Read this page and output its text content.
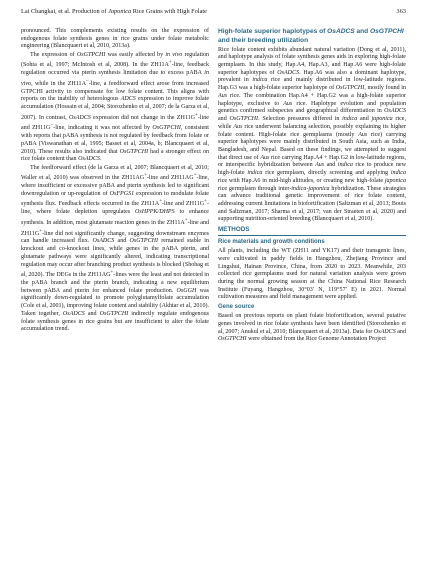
Lai Changkai, et al. Production of Japonica Rice Grains with High Folate	363

pronounced. This complements existing results on the expression of endogenous folate synthesis genes in rice grains under folate metabolic engineering (Blancquaert et al, 2010, 2013a).

The expression of OsGTPCHI was easily affected by in vivo regulation (Sohta et al, 1997; McIntosh et al, 2008). In the ZH11A+-line, feedback regulation occurred via pterin synthesis limitation due to excess pABA in vivo, while in the ZH11A−-line, a feedforward effect arose from increased GTPCHI activity to compensate for low folate content. This aligns with reports on the inability of heterologous ADCS expression to improve folate accumulation (Hossain et al, 2004; Storozhenko et al, 2007; de la Garza et al, 2007). In contrast, OsADCS expression did not change in the ZH11G+-line and ZH11G−-line, indicating it was not affected by OsGTPCHI, consistent with reports that pABA synthesis is not regulated by feedback from folate or pABA (Viswanathan et al, 1995; Basset et al, 2004a, b; Blancquaert et al, 2010). These results also indicated that OsGTPCHI had a stronger effect on rice folate content than OsADCS.

The feedforward effect (de la Garza et al, 2007; Blancquaert et al, 2010; Waller et al, 2010) was observed in the ZH11AG+-line and ZH11AG+-line, where insufficient or excessive pABA and pterin synthesis led to significant downregulation or up-regulation of OsFPGS1 expression to modulate folate synthesis flux. Feedback effects occurred in the ZH11A+-line and ZH11G+-line, where folate depletion upregulates OsHPPK/DHPS to enhance synthesis. In addition, most glutamate reaction genes in the ZH11A+-line and ZH11G+-line did not significantly change, suggesting downstream enzymes can handle increased flux. OsADCS and OsGTPCHI remained stable in knockout and co-knockout lines, while genes in the pABA pterin, and glutamate pathways were significantly altered, indicating transcriptional regulation may occur after branching product synthesis is blocked (Shohag et al, 2020). The DEGs in the ZH11AG+-lines were the least and not detected in the pABA branch and the pterin branch, indicating a new equilibrium between pABA and pterin for enhanced folate production. OsGGH was significantly down-regulated to promote polyglutamylfolate accumulation (Cole et al, 2001), improving folate content and stability (Akhtar et al, 2010). Taken together, OsADCS and OsGTPCHI indirectly regulate endogenous folate synthesis genes in rice grains but are insufficient to alter the folate accumulation trend.

High-folate superior haplotypes of OsADCS and OsGTPCHI and their breeding utilization

Rice folate content exhibits abundant natural variation (Dong et al, 2011), and haplotype analysis of folate synthesis genes aids in exploring high-folate germplasm. In this study, Hap.A4, Hap.A3, and Hap.A6 were high-folate superior haplotypes of OsADCS. Hap.A6 was also a dominant haplotype, prevalent in indica rice and mainly distributed in low-latitude regions. Hap.G3 was a high-folate superior haplotype of OsGTPCHI, mostly found in Aus rice. The combination Hap.A4 + Hap.G2 was a high-folate superior haplotype, exclusive to Aus rice. Haplotype evolution and population genetics confirmed subspecies and geographical differentiation in OsADCS and OsGTPCHI. Selection pressures differed in indica and japonica rice, while Aus rice underwent balancing selection, possibly explaining its higher folate content. High-folate rice germplasms (mostly Aus rice) carrying superior haplotypes were mainly distributed in South Asia, such as India, Bangladesh, and Nepal. Based on these findings, we attempted to suggest that direct use of Aus rice carrying Hap.A4 + Hap.G2 in low-latitude regions, or interspecific hybridization between Aus and indica rice to produce new high-folate indica rice germplasm, directly screening and applying indica rice with Hap.A6 in mid-high altitudes, or creating new high-folate japonica rice germplasm through inter-indica-japonica hybridization. These strategies can advance traditional genetic improvement of rice folate content, addressing current limitations in biofortification (Saltzman et al, 2013; Bouis and Saltzman, 2017; Sharma et al, 2017; van der Straeten et al, 2020) and supporting nutrition-oriented breeding (Blancquaert et al, 2010).

METHODS
Rice materials and growth conditions

All plants, including the WT (ZH11 and YK17) and their transgenic lines, were cultivated in paddy fields in Hangzhou, Zhejiang Province and Lingshui, Hainan Province, China, from 2020 to 2023. Meanwhile, 203 collected rice germplasms used for natural variation analysis were grown during the normal growing season at the China National Rice Research Institute (Fuyang, Hangzhou, 30°03′ N, 119°57′ E) in 2021. Normal cultivation measures and field management were applied.

Gene source

Based on previous reports on plant folate biofortification, several putative genes involved in rice folate synthesis have been identified (Storozhenko et al, 2007; Anukul et al, 2010; Blancquaert et al, 2013a). Data for OsADCS and OsGTPCHI were obtained from the Rice Genome Annotation Project
